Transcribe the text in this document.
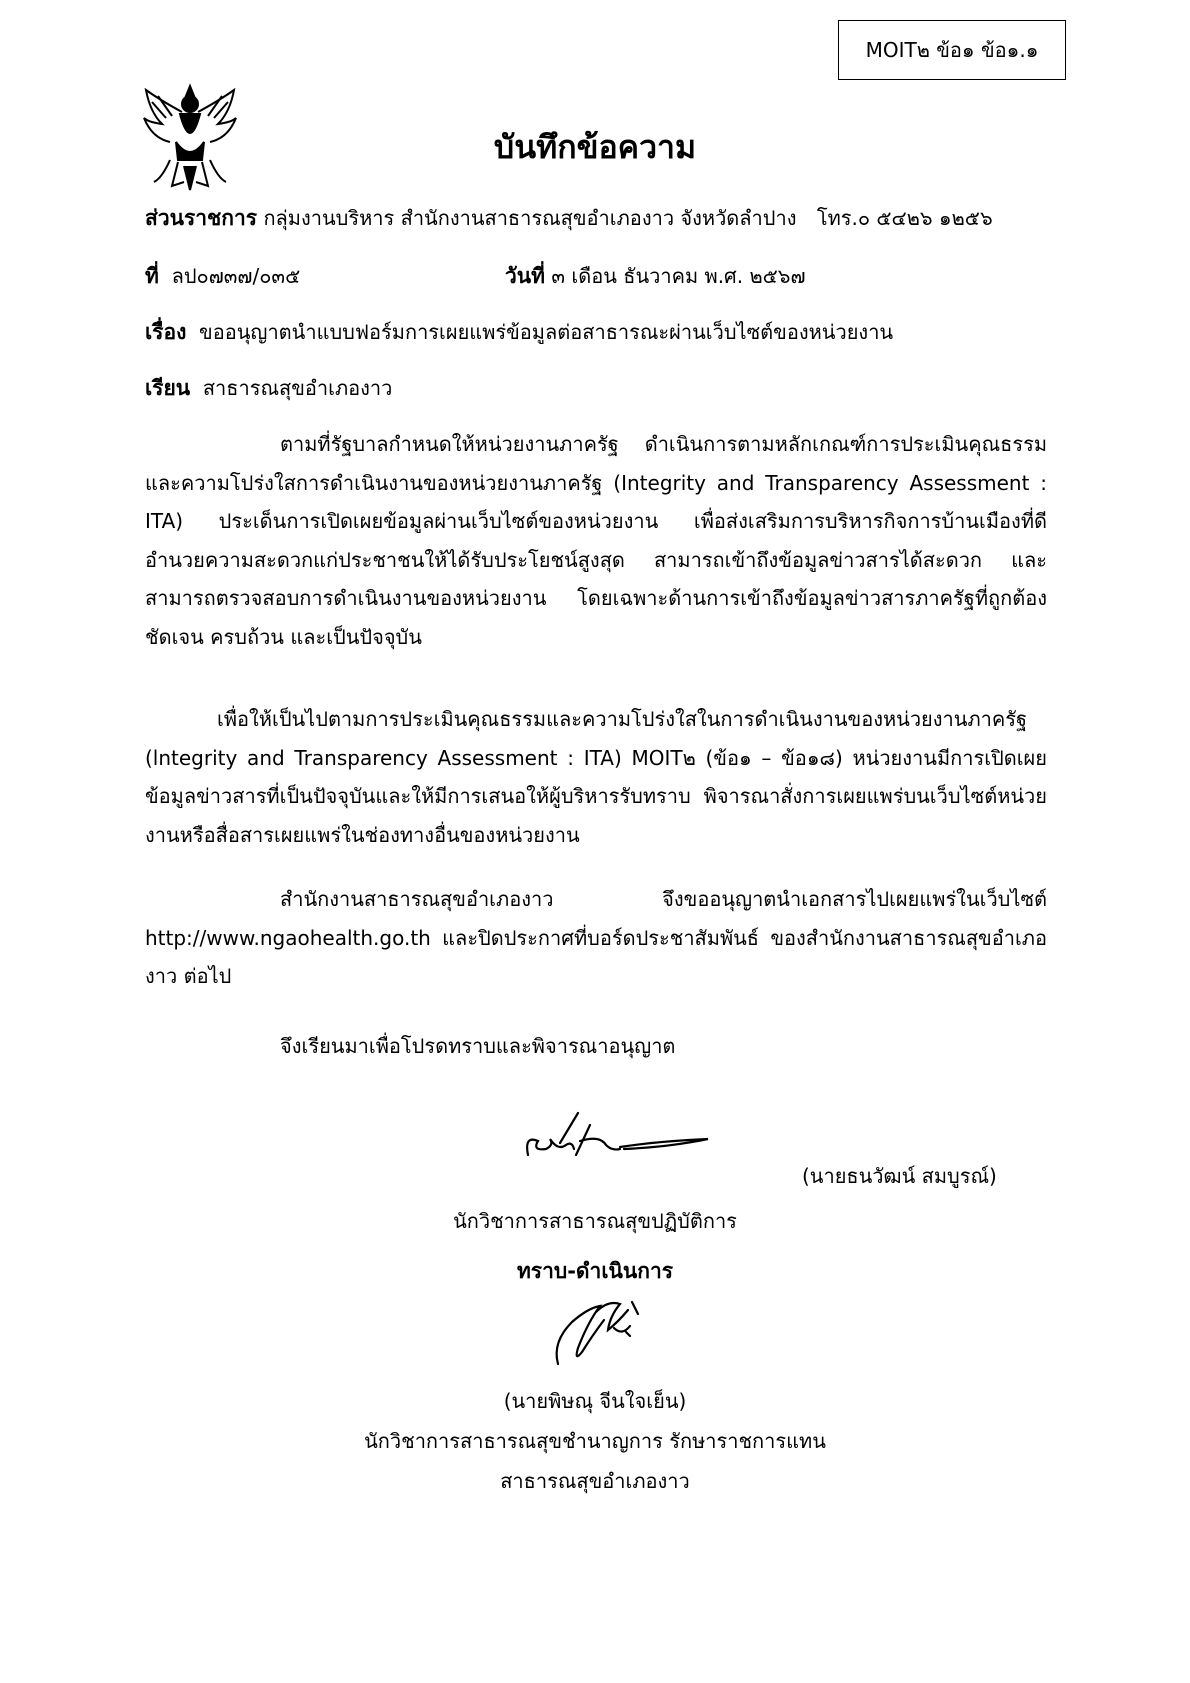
MOIT๒ ข้อ๑ ข้อ๑.๑
บันทึกข้อความ
ส่วนราชการ กลุ่มงานบริหาร สำนักงานสาธารณสุขอำเภองาว จังหวัดลำปาง โทร.๐ ๕๔๒๖ ๑๒๕๖
ที่ ลป๐๗๓๗/๐๓๕	วันที่ ๓ เดือน ธันวาคม พ.ศ. ๒๕๖๗
เรื่อง ขออนุญาตนำแบบฟอร์มการเผยแพร่ข้อมูลต่อสาธารณะผ่านเว็บไซต์ของหน่วยงาน
เรียน สาธารณสุขอำเภองาว
ตามที่รัฐบาลกำหนดให้หน่วยงานภาครัฐ ดำเนินการตามหลักเกณฑ์การประเมินคุณธรรม และความโปร่งใสการดำเนินงานของหน่วยงานภาครัฐ (Integrity and Transparency Assessment : ITA) ประเด็นการเปิดเผยข้อมูลผ่านเว็บไซต์ของหน่วยงาน เพื่อส่งเสริมการบริหารกิจการบ้านเมืองที่ดี อำนวยความสะดวกแก่ประชาชนให้ได้รับประโยชน์สูงสุด สามารถเข้าถึงข้อมูลข่าวสารได้สะดวก และสามารถตรวจสอบการดำเนินงานของหน่วยงาน โดยเฉพาะด้านการเข้าถึงข้อมูลข่าวสารภาครัฐที่ถูกต้อง ชัดเจน ครบถ้วน และเป็นปัจจุบัน
เพื่อให้เป็นไปตามการประเมินคุณธรรมและความโปร่งใสในการดำเนินงานของหน่วยงานภาครัฐ (lntegrity and Transparency Assessment : ITA) MOIT๒ (ข้อ๑ – ข้อ๑๘) หน่วยงานมีการเปิดเผยข้อมูลข่าวสารที่เป็นปัจจุบันและให้มีการเสนอให้ผู้บริหารรับทราบ พิจารณาสั่งการเผยแพร่บนเว็บไซต์หน่วยงานหรือสื่อสารเผยแพร่ในช่องทางอื่นของหน่วยงาน
สำนักงานสาธารณสุขอำเภองาว จึงขออนุญาตนำเอกสารไปเผยแพร่ในเว็บไซต์ http://www.ngaohealth.go.th และปิดประกาศที่บอร์ดประชาสัมพันธ์ ของสำนักงานสาธารณสุขอำเภองาว ต่อไป
จึงเรียนมาเพื่อโปรดทราบและพิจารณาอนุญาต
(นายธนวัฒน์ สมบูรณ์)
นักวิชาการสาธารณสุขปฏิบัติการ
ทราบ-ดำเนินการ
(นายพิษณุ จีนใจเย็น)
นักวิชาการสาธารณสุขชำนาญการ รักษาราชการแทน
สาธารณสุขอำเภองาว
